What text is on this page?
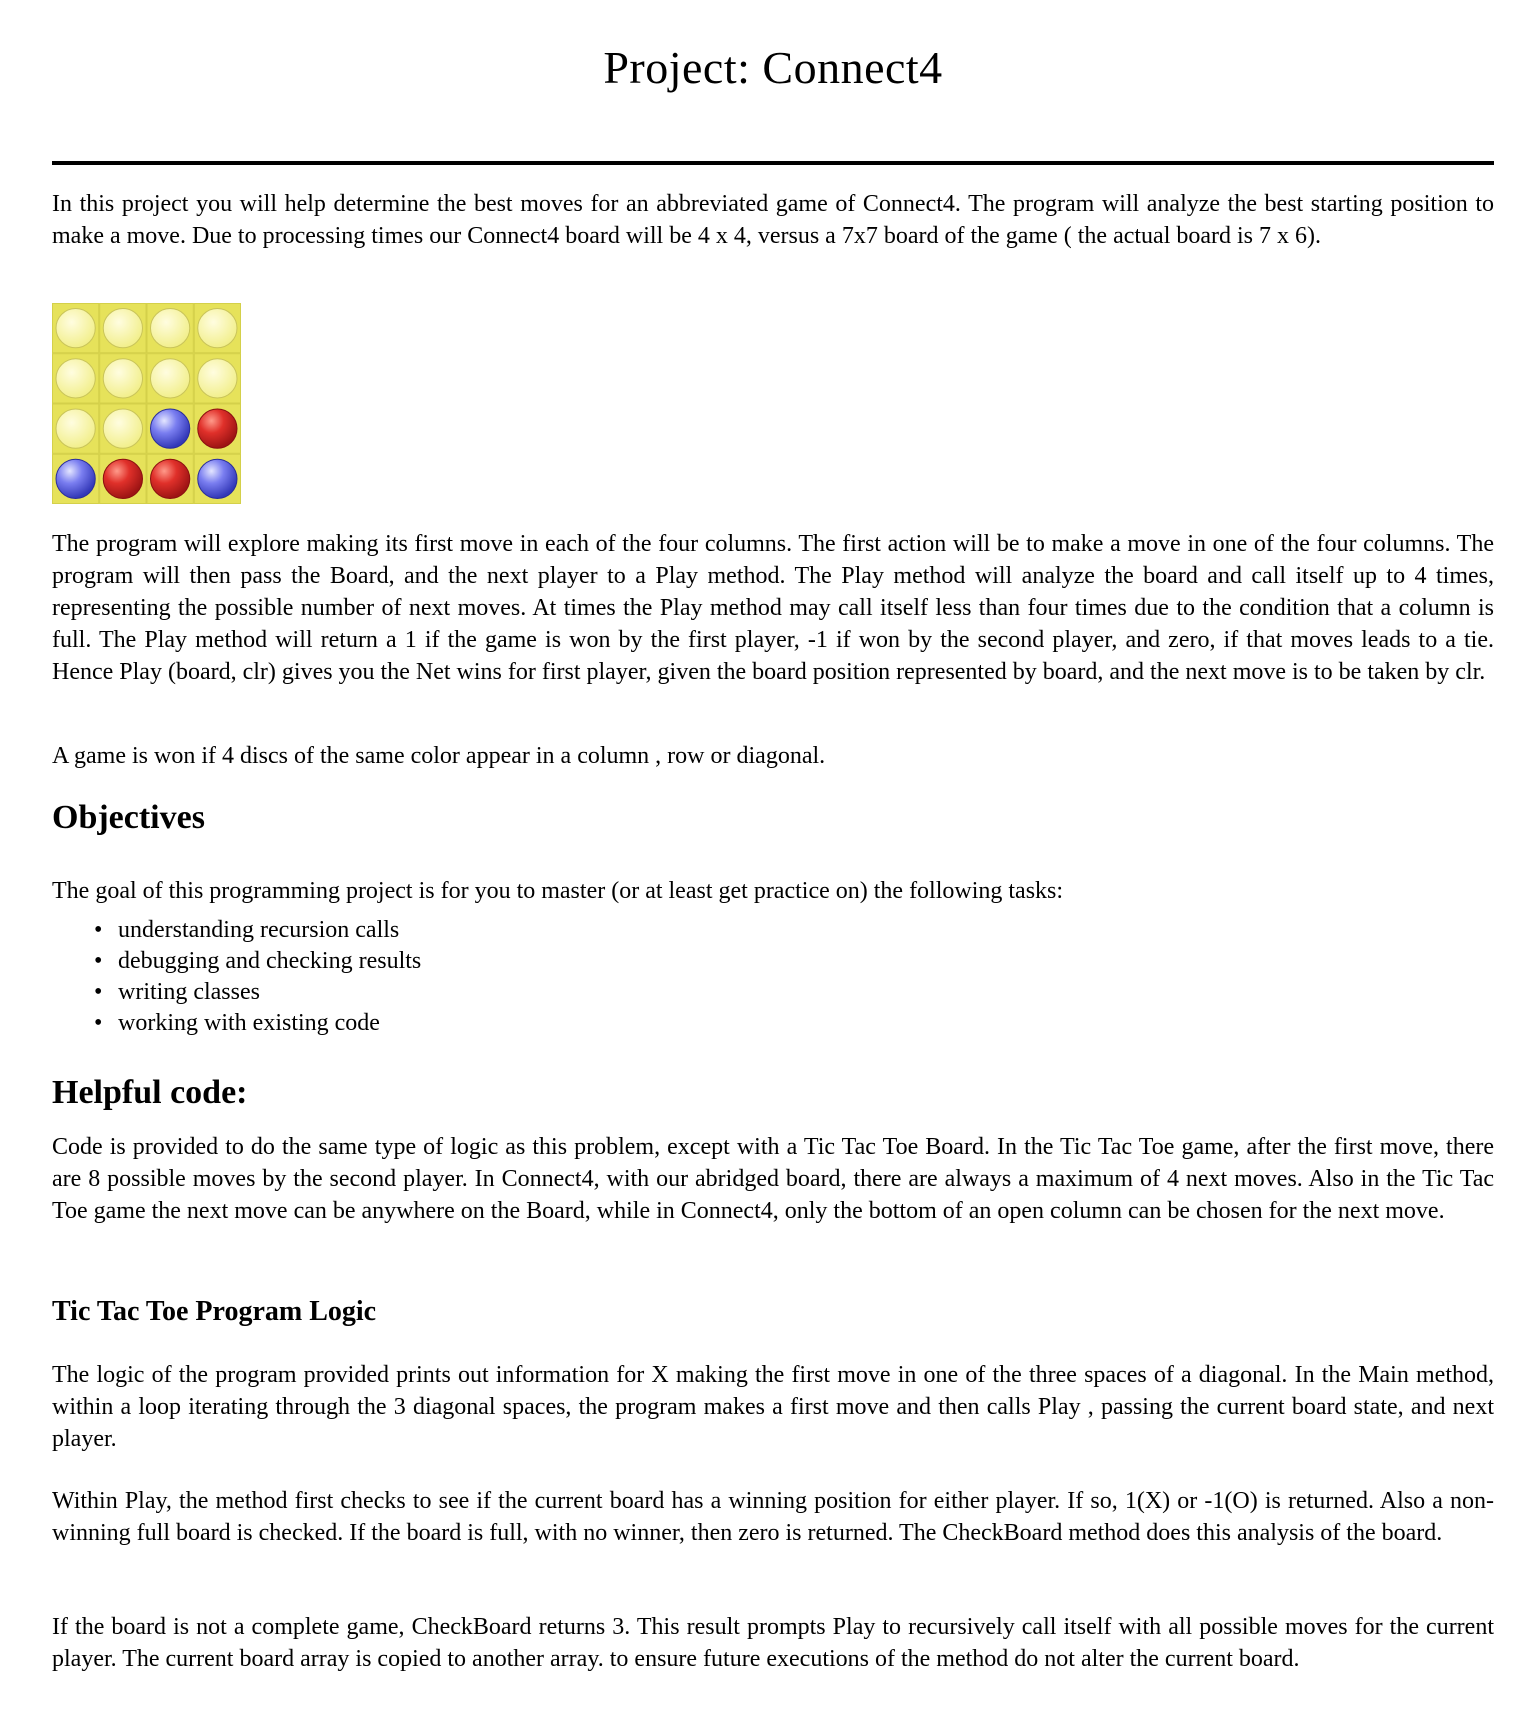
Project: Connect4

In this project you will help determine the best moves for an abbreviated game of Connect4. The program will analyze the best starting position to make a move. Due to processing times our Connect4 board will be 4 x 4, versus a 7x7 board of the game ( the actual board is 7 x 6).

The program will explore making its first move in each of the four columns. The first action will be to make a move in one of the four columns. The program will then pass the Board, and the next player to a Play method. The Play method will analyze the board and call itself up to 4 times, representing the possible number of next moves. At times the Play method may call itself less than four times due to the condition that a column is full. The Play method will return a 1 if the game is won by the first player, -1 if won by the second player, and zero, if that moves leads to a tie. Hence Play (board, clr) gives you the Net wins for first player, given the board position represented by board, and the next move is to be taken by clr.

A game is won if 4 discs of the same color appear in a column , row or diagonal.

Objectives

The goal of this programming project is for you to master (or at least get practice on) the following tasks:

• understanding recursion calls
• debugging and checking results
• writing classes
• working with existing code
Helpful code:

Code is provided to do the same type of logic as this problem, except with a Tic Tac Toe Board. In the Tic Tac Toe game, after the first move, there are 8 possible moves by the second player. In Connect4, with our abridged board, there are always a maximum of 4 next moves. Also in the Tic Tac Toe game the next move can be anywhere on the Board, while in Connect4, only the bottom of an open column can be chosen for the next move.

Tic Tac Toe Program Logic

The logic of the program provided prints out information for X making the first move in one of the three spaces of a diagonal. In the Main method, within a loop iterating through the 3 diagonal spaces, the program makes a first move and then calls Play , passing the current board state, and next player.

Within Play, the method first checks to see if the current board has a winning position for either player. If so, 1(X) or -1(O) is returned. Also a non-winning full board is checked. If the board is full, with no winner, then zero is returned. The CheckBoard method does this analysis of the board.

If the board is not a complete game, CheckBoard returns 3. This result prompts Play to recursively call itself with all possible moves for the current player. The current board array is copied to another array. to ensure future executions of the method do not alter the current board.
